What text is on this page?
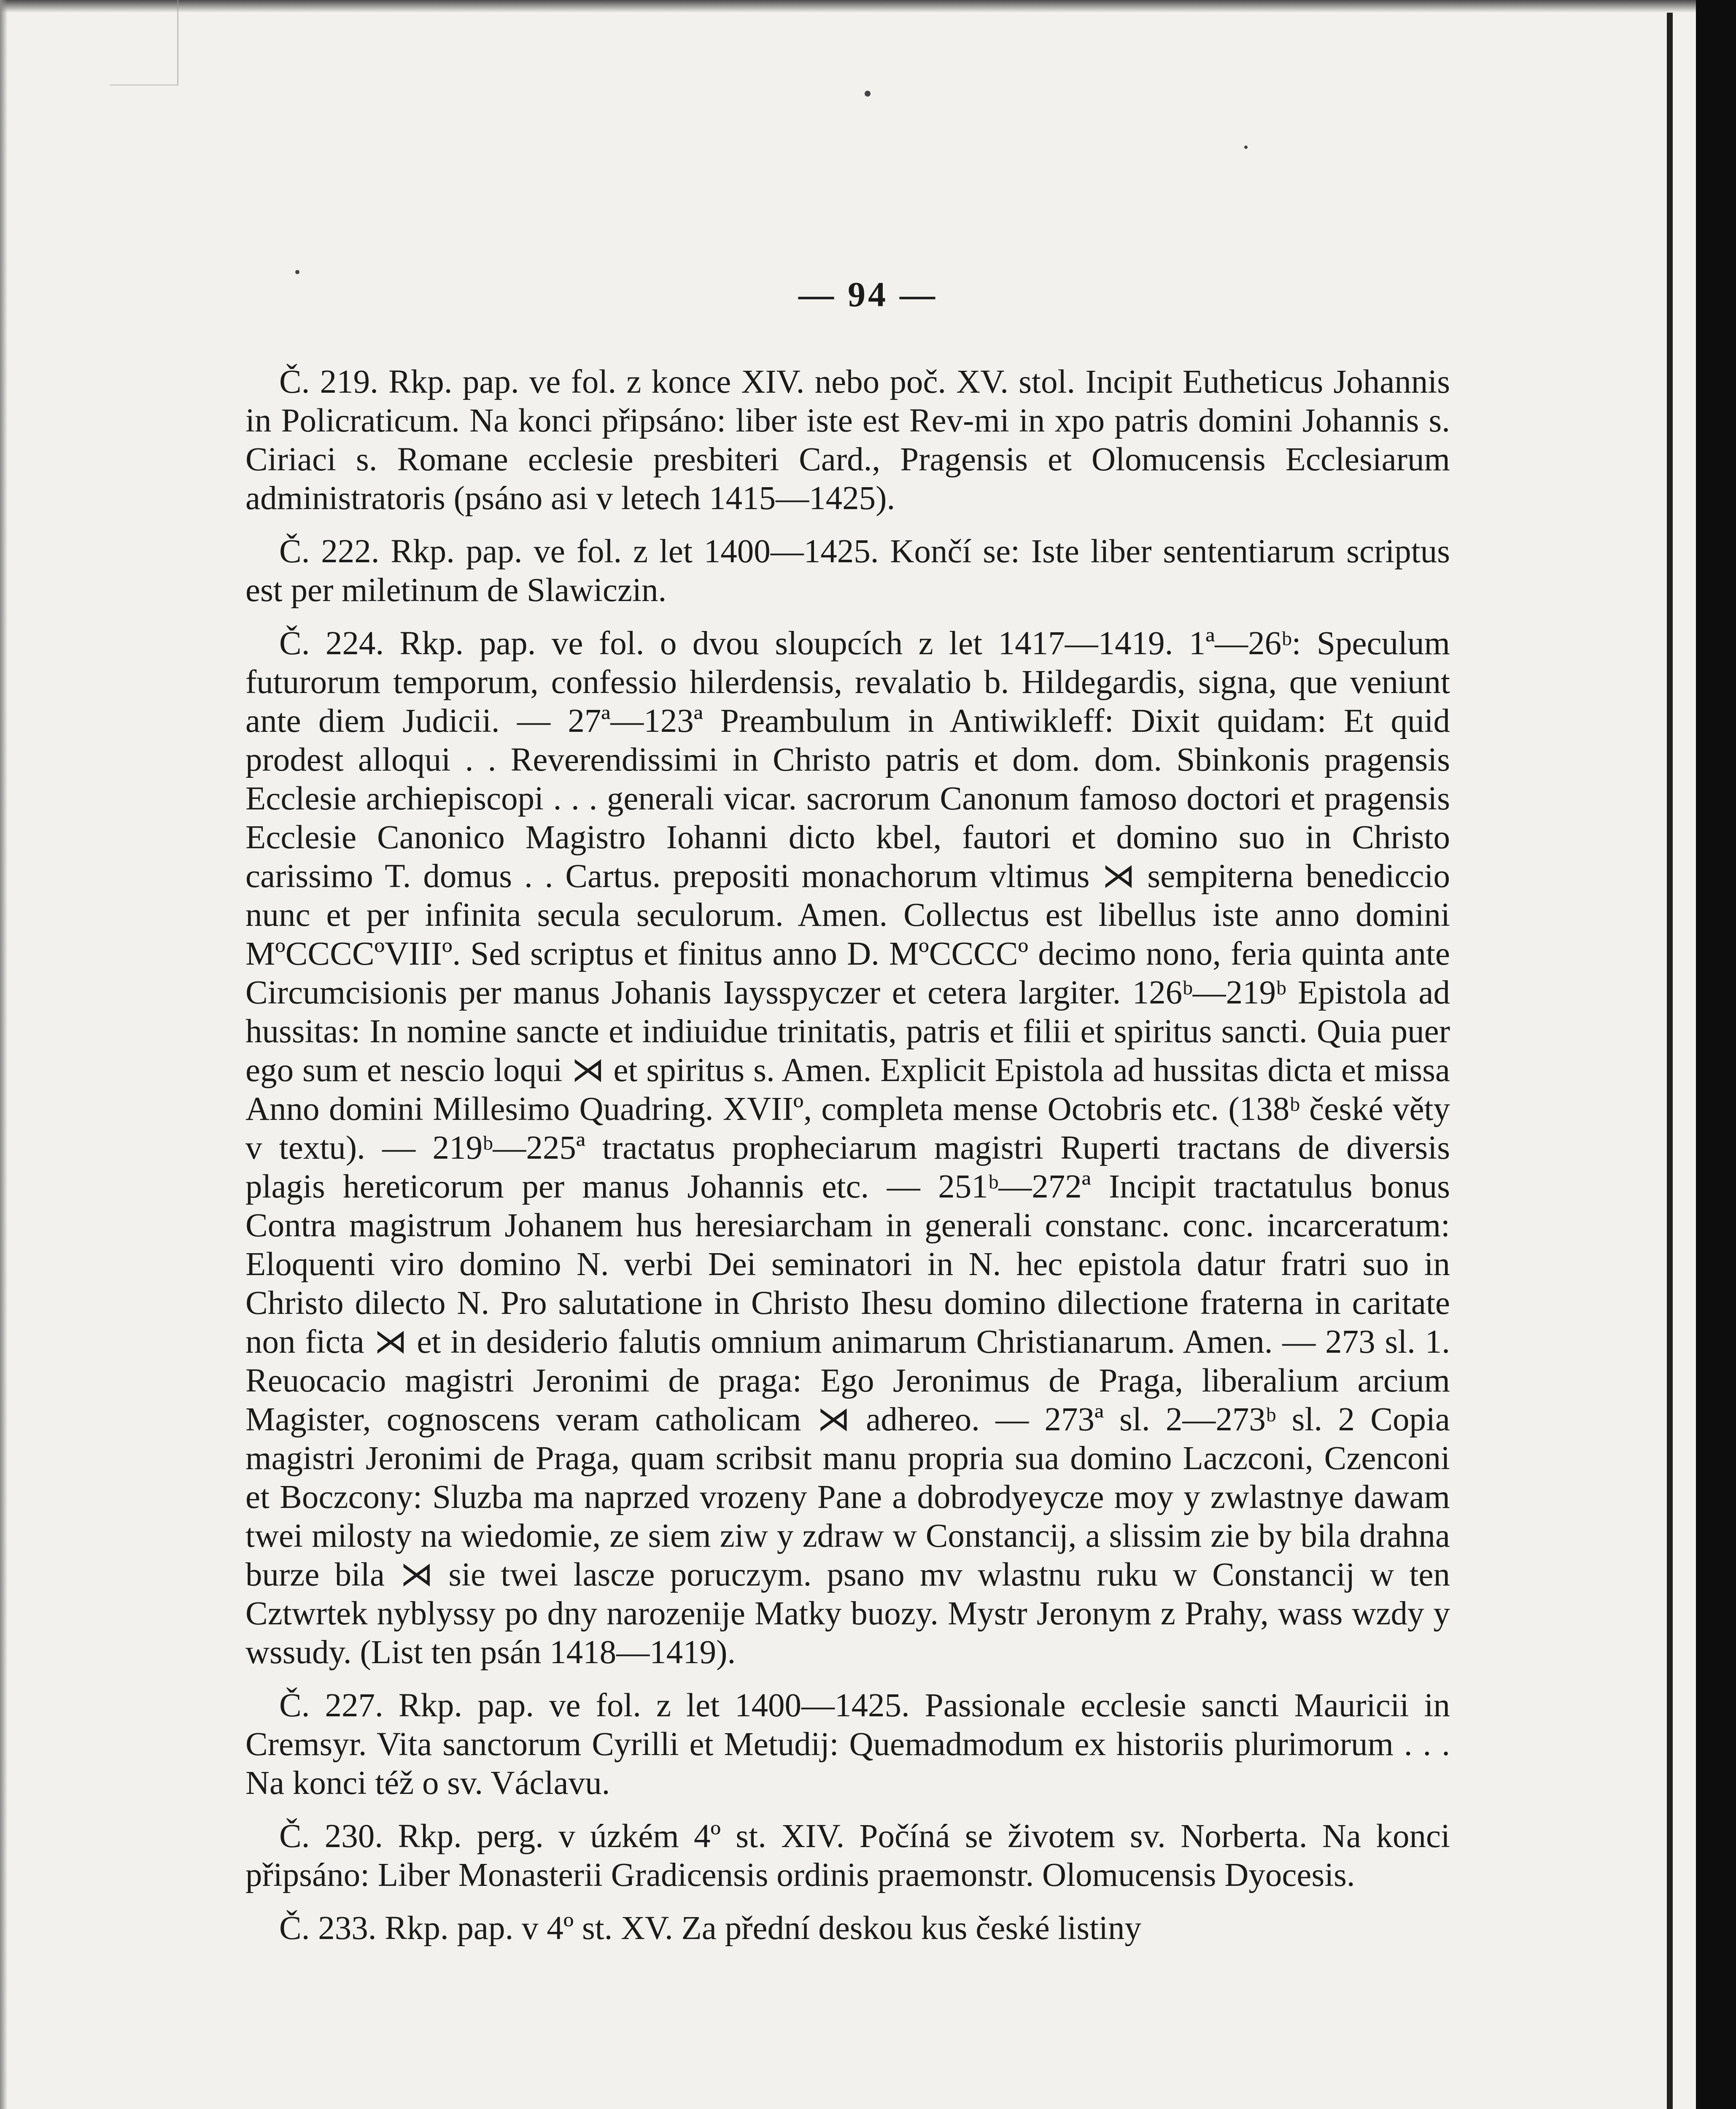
— 94 —

Č. 219. Rkp. pap. ve fol. z konce XIV. nebo poč. XV. stol. Incipit Eutheticus Johannis in Policraticum. Na konci připsáno: liber iste est Rev-mi in xpo patris domini Johannis s. Ciriaci s. Romane ecclesie presbiteri Card., Pragensis et Olomucensis Ecclesiarum administratoris (psáno asi v letech 1415—1425).

Č. 222. Rkp. pap. ve fol. z let 1400—1425. Končí se: Iste liber sententiarum scriptus est per miletinum de Slawiczin.

Č. 224. Rkp. pap. ve fol. o dvou sloupcích z let 1417—1419. 1ª—26ᵇ: Speculum futurorum temporum, confessio hilerdensis, revalatio b. Hildegardis, signa, que veniunt ante diem Judicii. — 27ª—123ª Preambulum in Antiwikleff: Dixit quidam: Et quid prodest alloqui . . Reverendissimi in Christo patris et dom. dom. Sbinkonis pragensis Ecclesie archiepiscopi . . . generali vicar. sacrorum Canonum famoso doctori et pragensis Ecclesie Canonico Magistro Iohanni dicto kbel, fautori et domino suo in Christo carissimo T. domus . . Cartus. prepositi monachorum vltimus ⋊ sempiterna benediccio nunc et per infinita secula seculorum. Amen. Collectus est libellus iste anno domini MºCCCCºVIIIº. Sed scriptus et finitus anno D. MºCCCCº decimo nono, feria quinta ante Circumcisionis per manus Johanis Iaysspyczer et cetera largiter. 126ᵇ—219ᵇ Epistola ad hussitas: In nomine sancte et indiuidue trinitatis, patris et filii et spiritus sancti. Quia puer ego sum et nescio loqui ⋊ et spiritus s. Amen. Explicit Epistola ad hussitas dicta et missa Anno domini Millesimo Quadring. XVIIº, completa mense Octobris etc. (138ᵇ české věty v textu). — 219ᵇ—225ª tractatus propheciarum magistri Ruperti tractans de diversis plagis hereticorum per manus Johannis etc. — 251ᵇ—272ª Incipit tractatulus bonus Contra magistrum Johanem hus heresiarcham in generali constanc. conc. incarceratum: Eloquenti viro domino N. verbi Dei seminatori in N. hec epistola datur fratri suo in Christo dilecto N. Pro salutatione in Christo Ihesu domino dilectione fraterna in caritate non ficta ⋊ et in desiderio falutis omnium animarum Christianarum. Amen. — 273 sl. 1. Reuocacio magistri Jeronimi de praga: Ego Jeronimus de Praga, liberalium arcium Magister, cognoscens veram catholicam ⋊ adhereo. — 273ª sl. 2—273ᵇ sl. 2 Copia magistri Jeronimi de Praga, quam scribsit manu propria sua domino Laczconi, Czenconi et Boczcony: Sluzba ma naprzed vrozeny Pane a dobrodyeycze moy y zwlastnye dawam twei milosty na wiedomie, ze siem ziw y zdraw w Constancij, a slissim zie by bila drahna burze bila ⋊ sie twei lascze poruczym. psano mv wlastnu ruku w Constancij w ten Cztwrtek nyblyssy po dny narozenije Matky buozy. Mystr Jeronym z Prahy, wass wzdy y wssudy. (List ten psán 1418—1419).

Č. 227. Rkp. pap. ve fol. z let 1400—1425. Passionale ecclesie sancti Mauricii in Cremsyr. Vita sanctorum Cyrilli et Metudij: Quemadmodum ex historiis plurimorum . . . Na konci též o sv. Václavu.

Č. 230. Rkp. perg. v úzkém 4º st. XIV. Počíná se životem sv. Norberta. Na konci připsáno: Liber Monasterii Gradicensis ordinis praemonstr. Olomucensis Dyocesis.

Č. 233. Rkp. pap. v 4º st. XV. Za přední deskou kus české listiny
